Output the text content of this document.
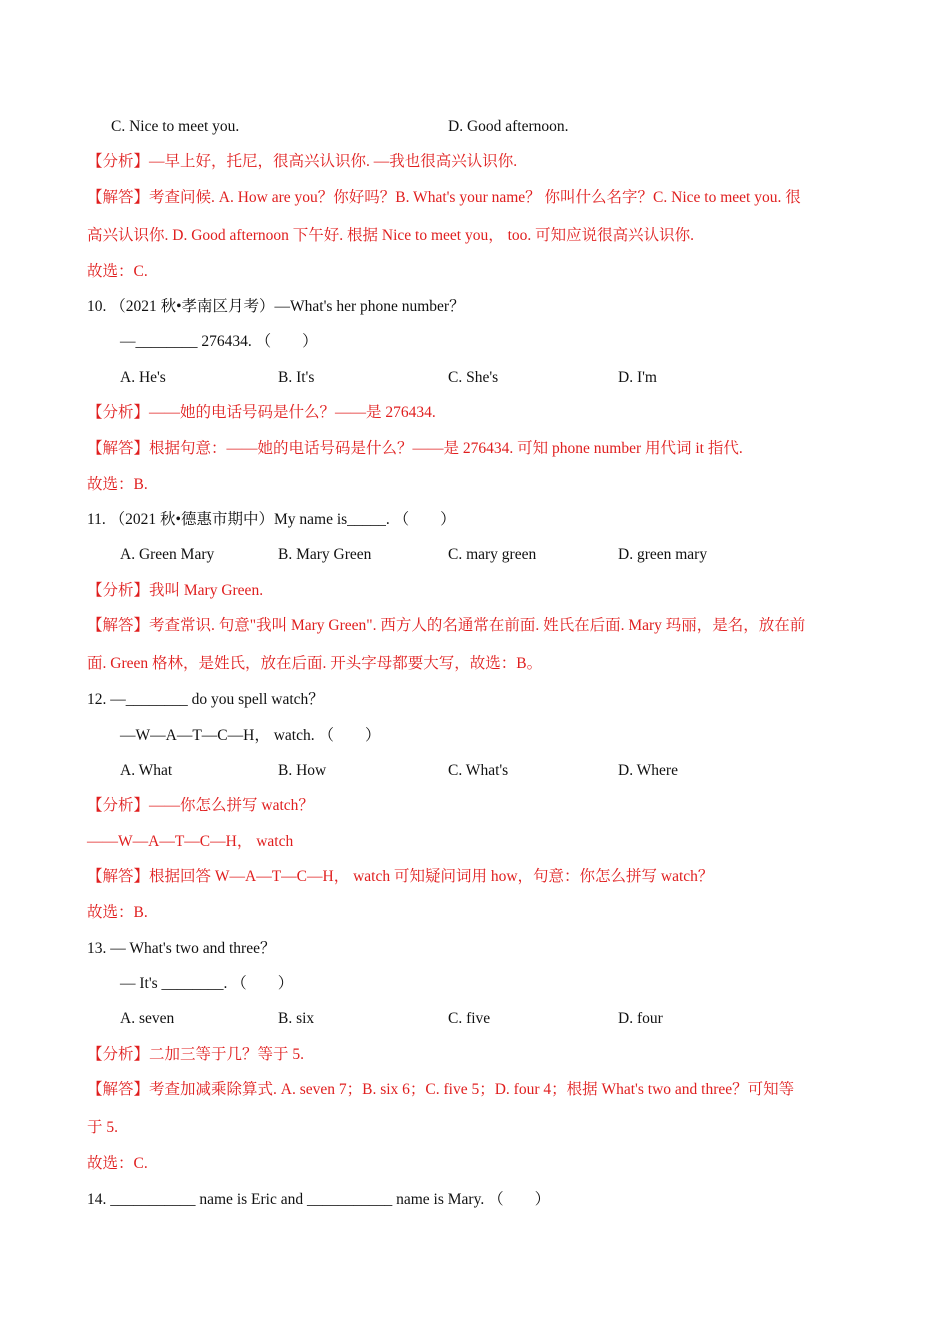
C. Nice to meet you.	D. Good afternoon.
【分析】—早上好，托尼，很高兴认识你. —我也很高兴认识你.
【解答】考查问候. A. How are you？你好吗？B. What's your name？ 你叫什么名字？C. Nice to meet you. 很
高兴认识你. D. Good afternoon 下午好. 根据 Nice to meet you， too. 可知应说很高兴认识你.
故选：C.
10. （2021 秋•孝南区月考）—What's her phone number？
—________ 276434. （　　）
A. He's	B. It's	C. She's	D. I'm
【分析】——她的电话号码是什么？——是 276434.
【解答】根据句意：——她的电话号码是什么？——是 276434. 可知 phone number 用代词 it 指代.
故选：B.
11. （2021 秋•德惠市期中）My name is_____. （　　）
A. Green Mary	B. Mary Green	C. mary green	D. green mary
【分析】我叫 Mary Green.
【解答】考查常识. 句意"我叫 Mary Green". 西方人的名通常在前面. 姓氏在后面. Mary 玛丽，是名，放在前
面. Green 格林，是姓氏，放在后面. 开头字母都要大写，故选：B。
12. —________ do you spell watch？
—W—A—T—C—H， watch. （　　）
A. What	B. How	C. What's	D. Where
【分析】——你怎么拼写 watch？
——W—A—T—C—H， watch
【解答】根据回答 W—A—T—C—H， watch 可知疑问词用 how，句意：你怎么拼写 watch？
故选：B.
13. — What's two and three？
— It's ________. （　　）
A. seven	B. six	C. five	D. four
【分析】二加三等于几？等于 5.
【解答】考查加减乘除算式. A. seven 7；B. six 6；C. five 5；D. four 4；根据 What's two and three？可知等
于 5.
故选：C.
14. ___________ name is Eric and ___________ name is Mary. （　　）
